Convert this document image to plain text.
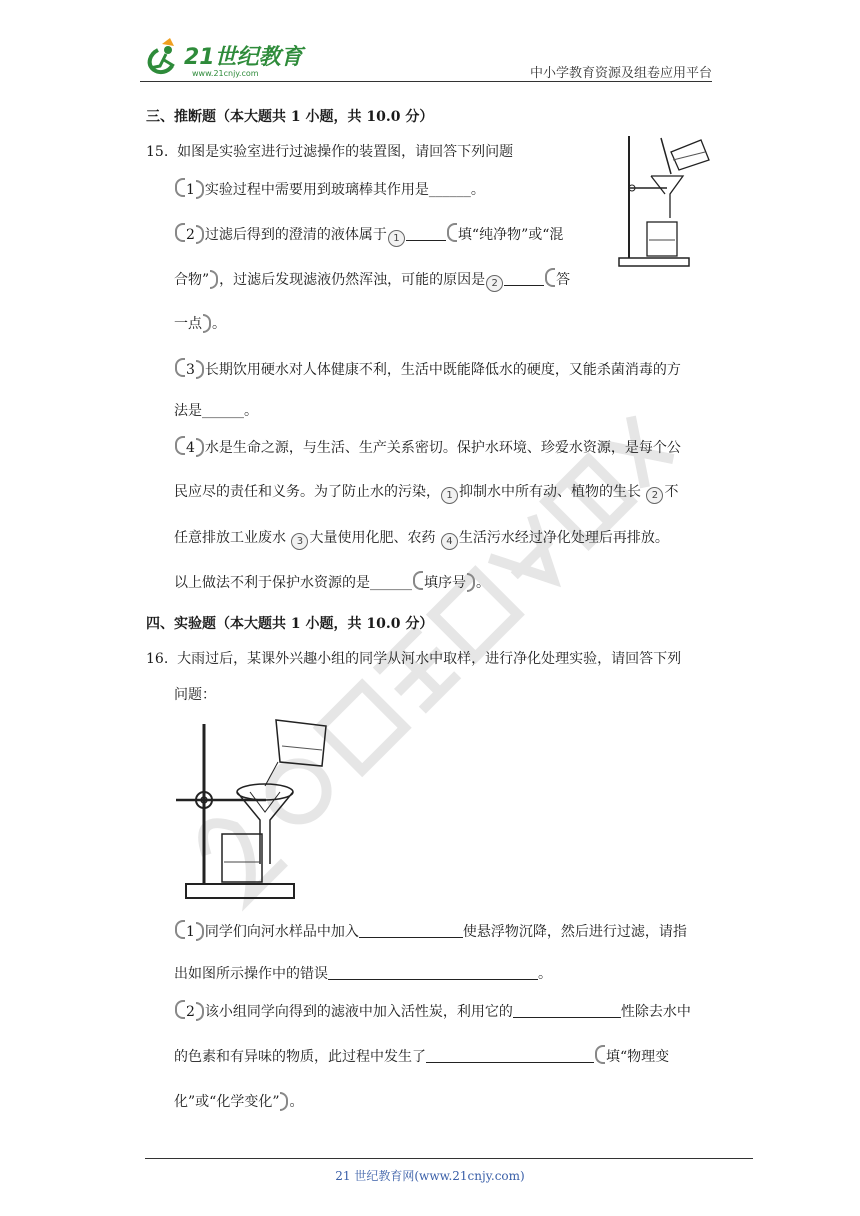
21世纪教育
www.21cnjy.com	中小学教育资源及组卷应用平台
三、推断题（本大题共 1 小题，共 10.0 分）
15. 如图是实验室进行过滤操作的装置图，请回答下列问题
1 实验过程中需要用到玻璃棒其作用是______。
2 过滤后得到的澄清的液体属于 1	填“纯净物”或“混
合物” ，过滤后发现滤液仍然浑浊，可能的原因是 2	答
一点 。
3 长期饮用硬水对人体健康不利，生活中既能降低水的硬度，又能杀菌消毒的方
法是______。
4 水是生命之源，与生活、生产关系密切。保护水环境、珍爱水资源，是每个公
民应尽的责任和义务。为了防止水的污染， 1 抑制水中所有动、植物的生长 2 不
任意排放工业废水 3 大量使用化肥、农药 4 生活污水经过净化处理后再排放。
以上做法不利于保护水资源的是______ 填序号 。
四、实验题（本大题共 1 小题，共 10.0 分）
16. 大雨过后，某课外兴趣小组的同学从河水中取样，进行净化处理实验，请回答下列
问题：
1 同学们向河水样品中加入	使悬浮物沉降，然后进行过滤，请指
出如图所示操作中的错误	。
2 该小组同学向得到的滤液中加入活性炭，利用它的	性除去水中
的色素和有异味的物质，此过程中发生了	填“物理变
化”或“化学变化” 。
21 世纪教育网(www.21cnjy.com)
